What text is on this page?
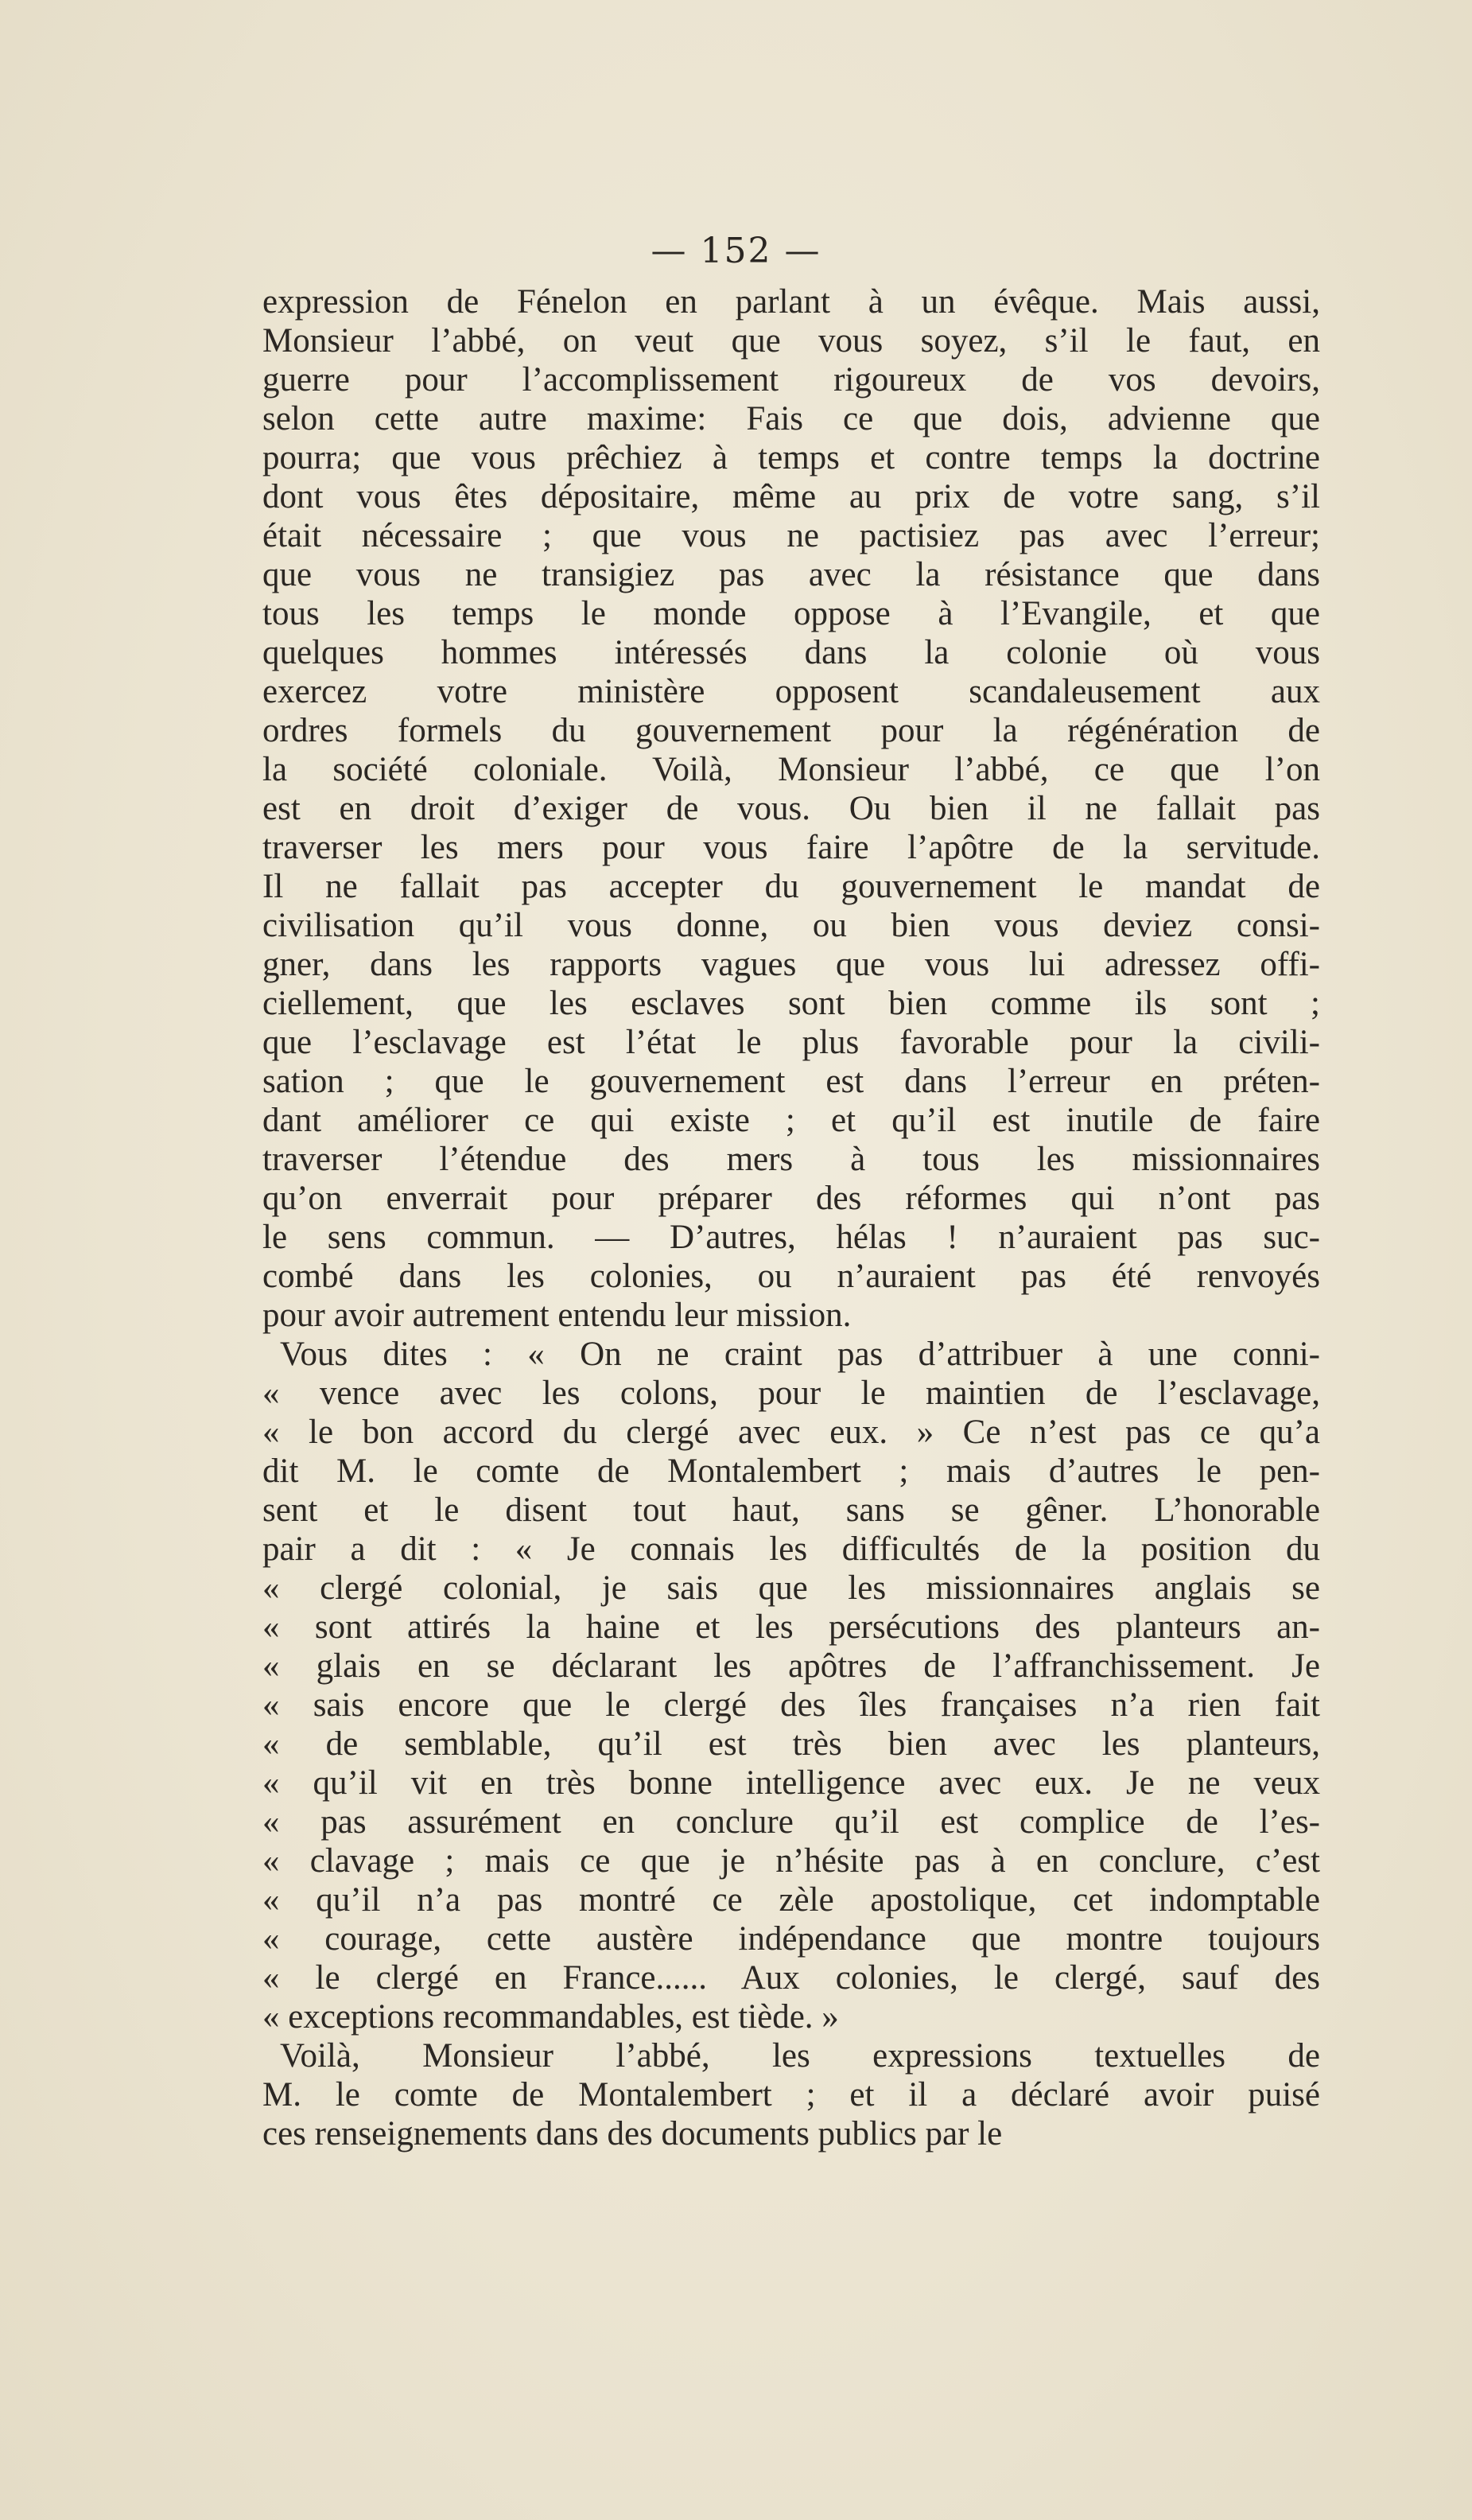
— 152 —
expression de Fénelon en parlant à un évêque. Mais aussi,
Monsieur l’abbé, on veut que vous soyez, s’il le faut, en
guerre pour l’accomplissement rigoureux de vos devoirs,
selon cette autre maxime: Fais ce que dois, advienne que
pourra; que vous prêchiez à temps et contre temps la doctrine
dont vous êtes dépositaire, même au prix de votre sang, s’il
était nécessaire ; que vous ne pactisiez pas avec l’erreur;
que vous ne transigiez pas avec la résistance que dans
tous les temps le monde oppose à l’Evangile, et que
quelques hommes intéressés dans la colonie où vous
exercez votre ministère opposent scandaleusement aux
ordres formels du gouvernement pour la régénération de
la société coloniale. Voilà, Monsieur l’abbé, ce que l’on
est en droit d’exiger de vous. Ou bien il ne fallait pas
traverser les mers pour vous faire l’apôtre de la servitude.
Il ne fallait pas accepter du gouvernement le mandat de
civilisation qu’il vous donne, ou bien vous deviez consi-
gner, dans les rapports vagues que vous lui adressez offi-
ciellement, que les esclaves sont bien comme ils sont ;
que l’esclavage est l’état le plus favorable pour la civili-
sation ; que le gouvernement est dans l’erreur en préten-
dant améliorer ce qui existe ; et qu’il est inutile de faire
traverser l’étendue des mers à tous les missionnaires
qu’on enverrait pour préparer des réformes qui n’ont pas
le sens commun. — D’autres, hélas ! n’auraient pas suc-
combé dans les colonies, ou n’auraient pas été renvoyés
pour avoir autrement entendu leur mission.
Vous dites : « On ne craint pas d’attribuer à une conni-
« vence avec les colons, pour le maintien de l’esclavage,
« le bon accord du clergé avec eux. » Ce n’est pas ce qu’a
dit M. le comte de Montalembert ; mais d’autres le pen-
sent et le disent tout haut, sans se gêner. L’honorable
pair a dit : « Je connais les difficultés de la position du
« clergé colonial, je sais que les missionnaires anglais se
« sont attirés la haine et les persécutions des planteurs an-
« glais en se déclarant les apôtres de l’affranchissement. Je
« sais encore que le clergé des îles françaises n’a rien fait
« de semblable, qu’il est très bien avec les planteurs,
« qu’il vit en très bonne intelligence avec eux. Je ne veux
« pas assurément en conclure qu’il est complice de l’es-
« clavage ; mais ce que je n’hésite pas à en conclure, c’est
« qu’il n’a pas montré ce zèle apostolique, cet indomptable
« courage, cette austère indépendance que montre toujours
« le clergé en France...... Aux colonies, le clergé, sauf des
« exceptions recommandables, est tiède. »
Voilà, Monsieur l’abbé, les expressions textuelles de
M. le comte de Montalembert ; et il a déclaré avoir puisé
ces renseignements dans des documents publics par le
